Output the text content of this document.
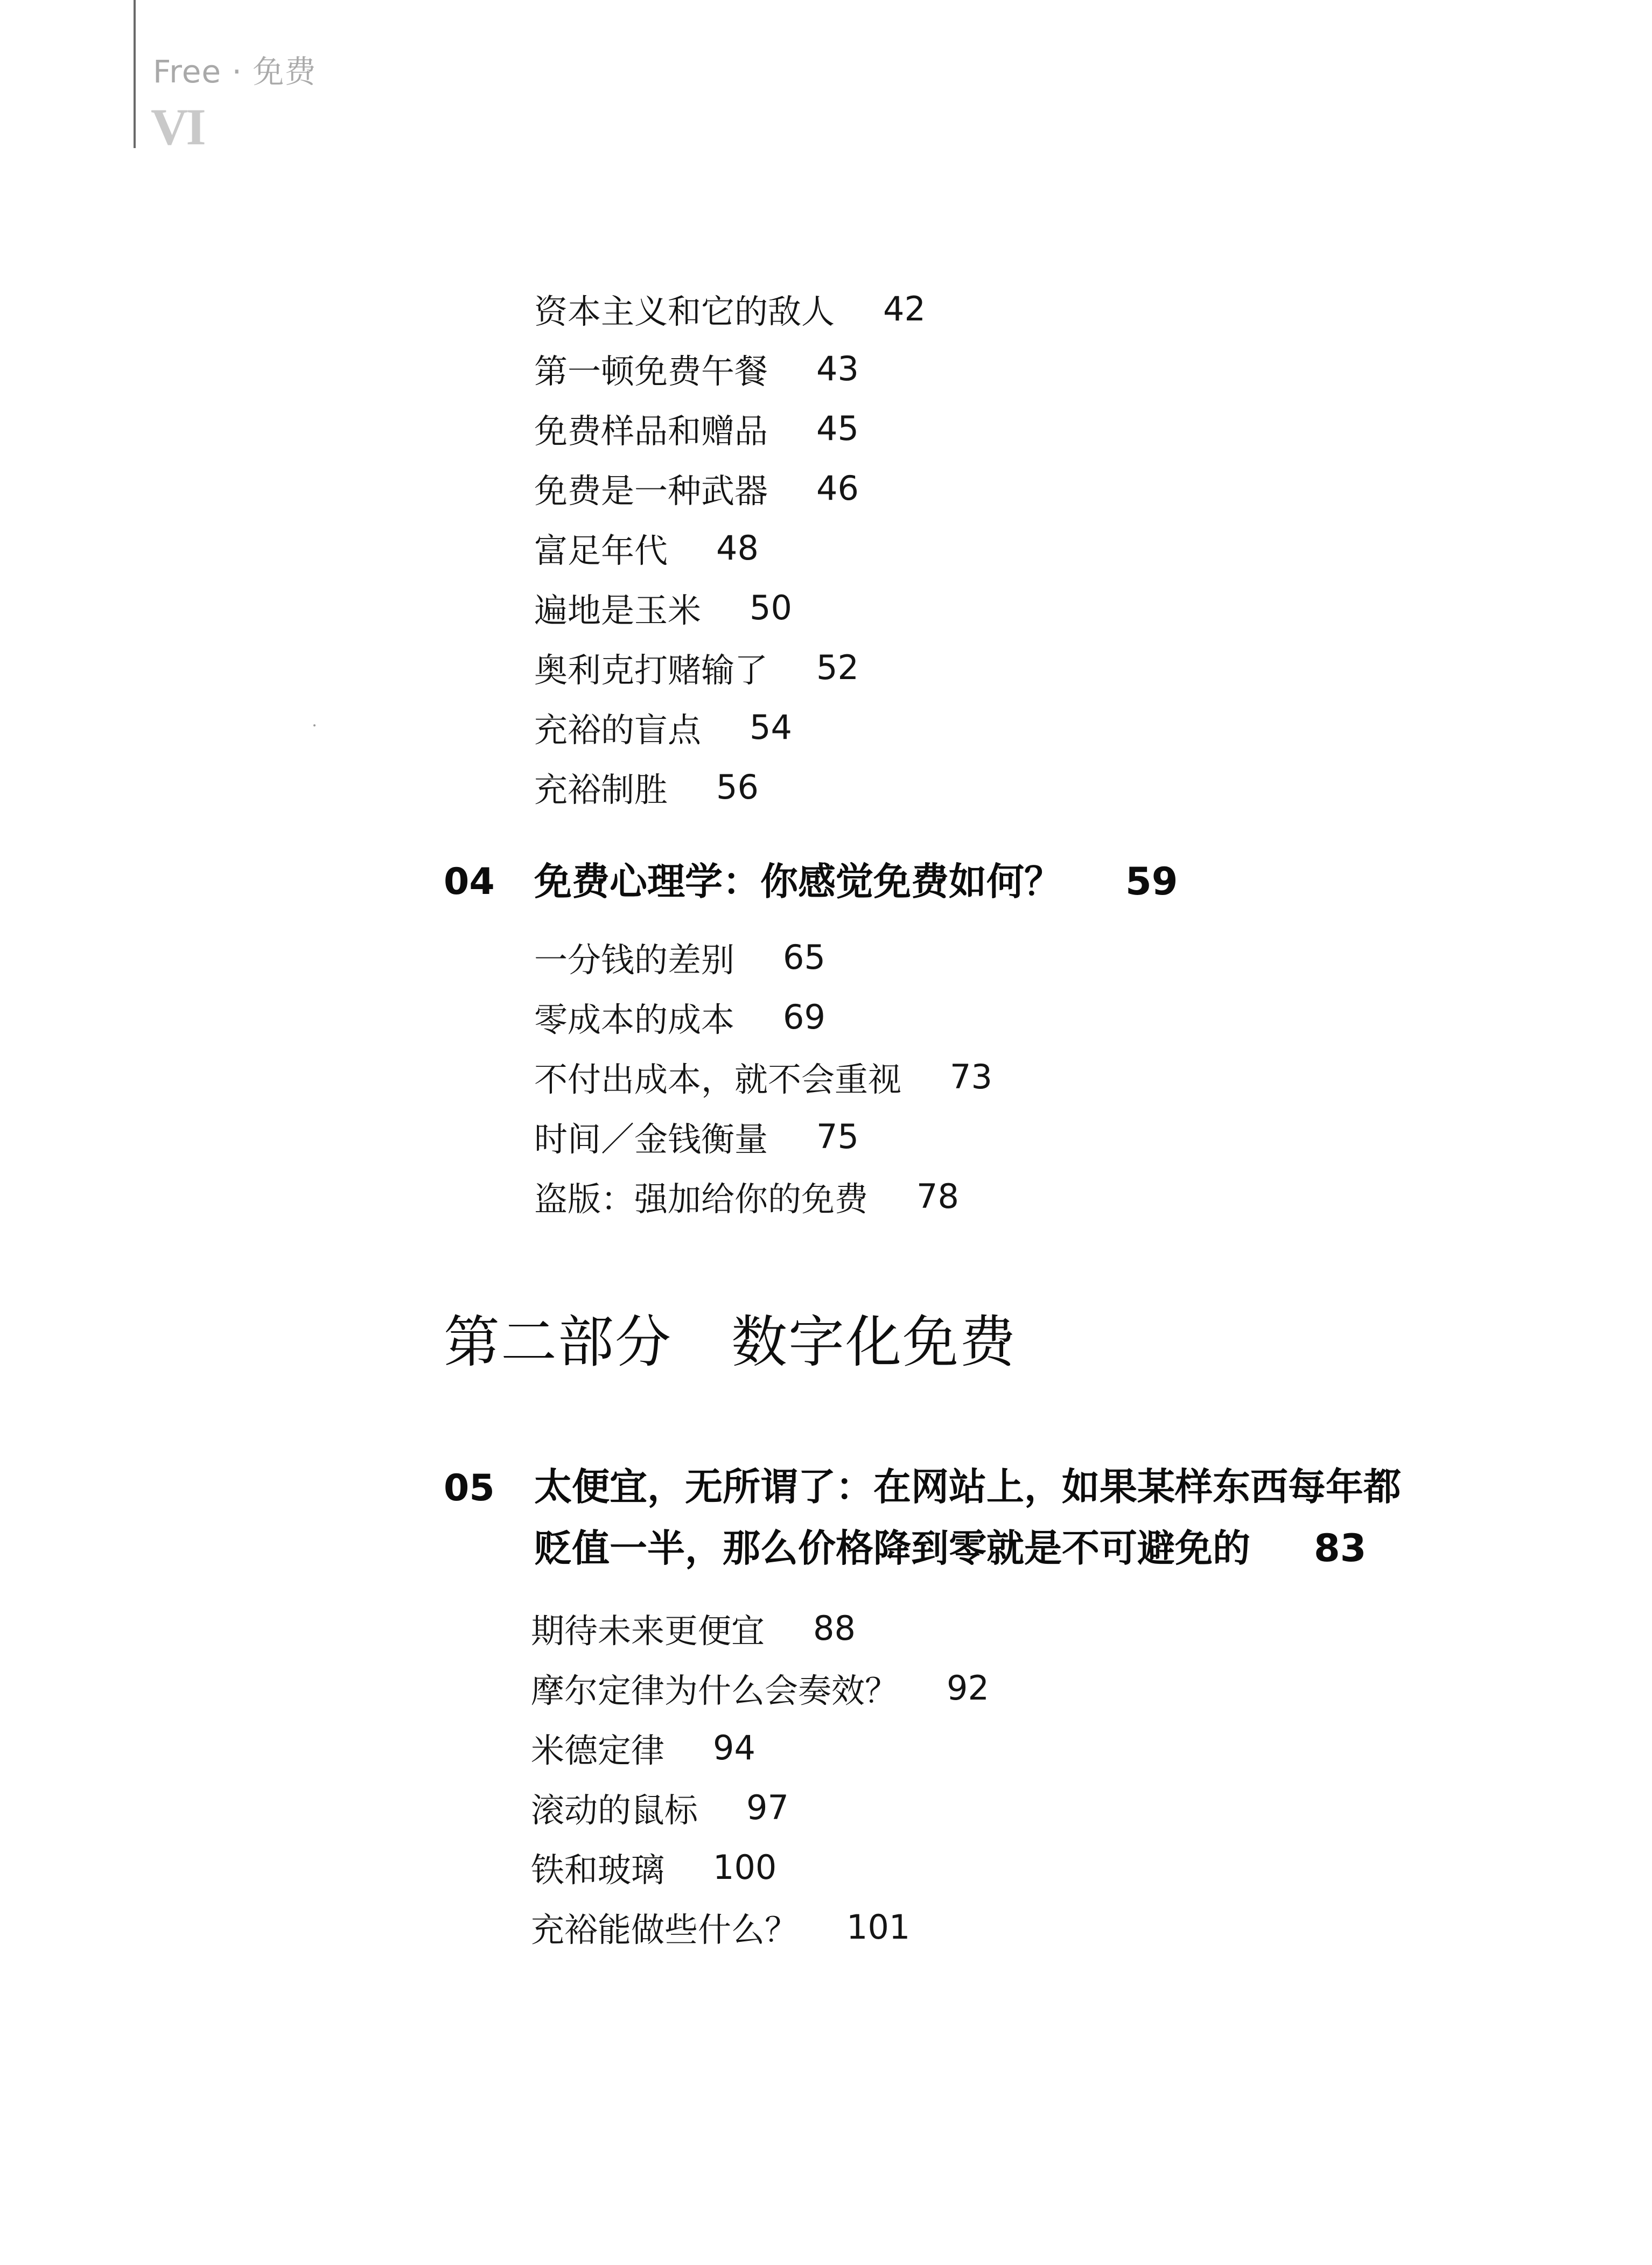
Free · 免费
VI
资本主义和它的敌人 42
第一顿免费午餐 43
免费样品和赠品 45
免费是一种武器 46
富足年代 48
遍地是玉米 50
奥利克打赌输了 52
充裕的盲点 54
充裕制胜 56
04 免费心理学：你感觉免费如何？ 59
一分钱的差别 65
零成本的成本 69
不付出成本，就不会重视 73
时间／金钱衡量 75
盗版：强加给你的免费 78
第二部分 数字化免费
05 太便宜，无所谓了：在网站上，如果某样东西每年都
贬值一半，那么价格降到零就是不可避免的 83
期待未来更便宜 88
摩尔定律为什么会奏效？ 92
米德定律 94
滚动的鼠标 97
铁和玻璃 100
充裕能做些什么？ 101
